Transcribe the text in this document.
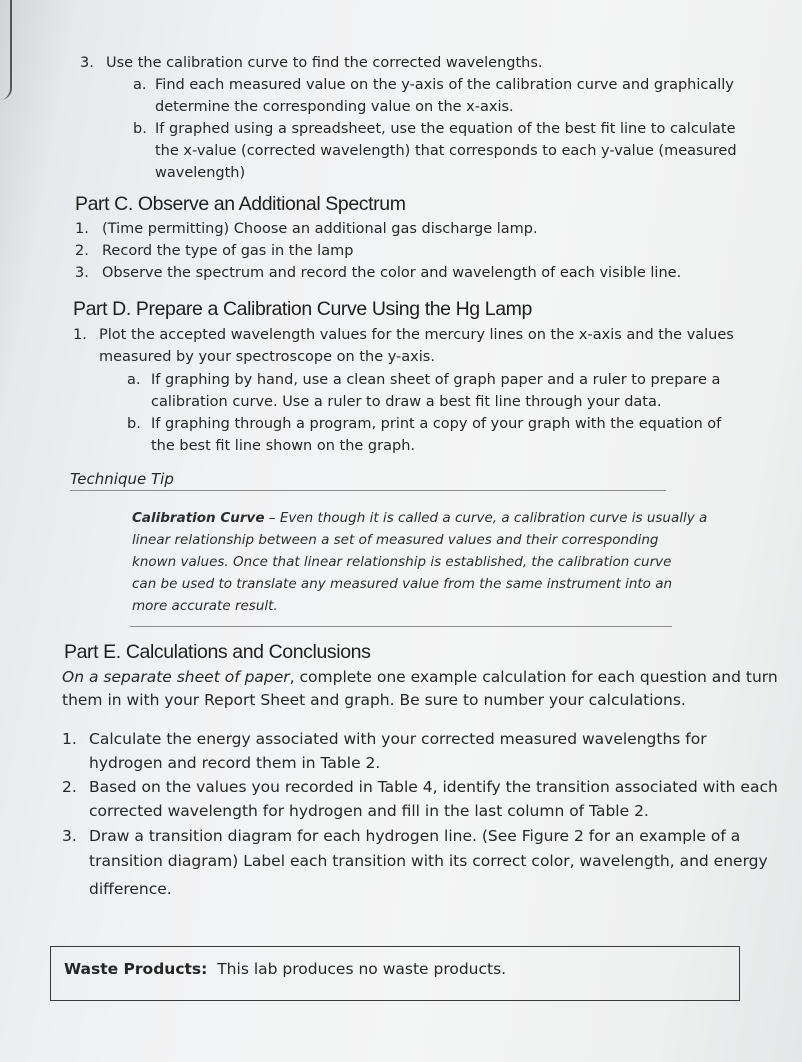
3. Use the calibration curve to find the corrected wavelengths.
a. Find each measured value on the y-axis of the calibration curve and graphically
determine the corresponding value on the x-axis.
b. If graphed using a spreadsheet, use the equation of the best fit line to calculate
the x-value (corrected wavelength) that corresponds to each y-value (measured
wavelength)
Part C. Observe an Additional Spectrum
1. (Time permitting) Choose an additional gas discharge lamp.
2. Record the type of gas in the lamp
3. Observe the spectrum and record the color and wavelength of each visible line.
Part D. Prepare a Calibration Curve Using the Hg Lamp
1. Plot the accepted wavelength values for the mercury lines on the x-axis and the values
measured by your spectroscope on the y-axis.
a. If graphing by hand, use a clean sheet of graph paper and a ruler to prepare a
calibration curve. Use a ruler to draw a best fit line through your data.
b. If graphing through a program, print a copy of your graph with the equation of
the best fit line shown on the graph.
Technique Tip
Calibration Curve – Even though it is called a curve, a calibration curve is usually a
linear relationship between a set of measured values and their corresponding
known values. Once that linear relationship is established, the calibration curve
can be used to translate any measured value from the same instrument into an
more accurate result.
Part E. Calculations and Conclusions
On a separate sheet of paper, complete one example calculation for each question and turn
them in with your Report Sheet and graph. Be sure to number your calculations.
1. Calculate the energy associated with your corrected measured wavelengths for
hydrogen and record them in Table 2.
2. Based on the values you recorded in Table 4, identify the transition associated with each
corrected wavelength for hydrogen and fill in the last column of Table 2.
3. Draw a transition diagram for each hydrogen line. (See Figure 2 for an example of a
transition diagram) Label each transition with its correct color, wavelength, and energy
difference.
Waste Products: This lab produces no waste products.
